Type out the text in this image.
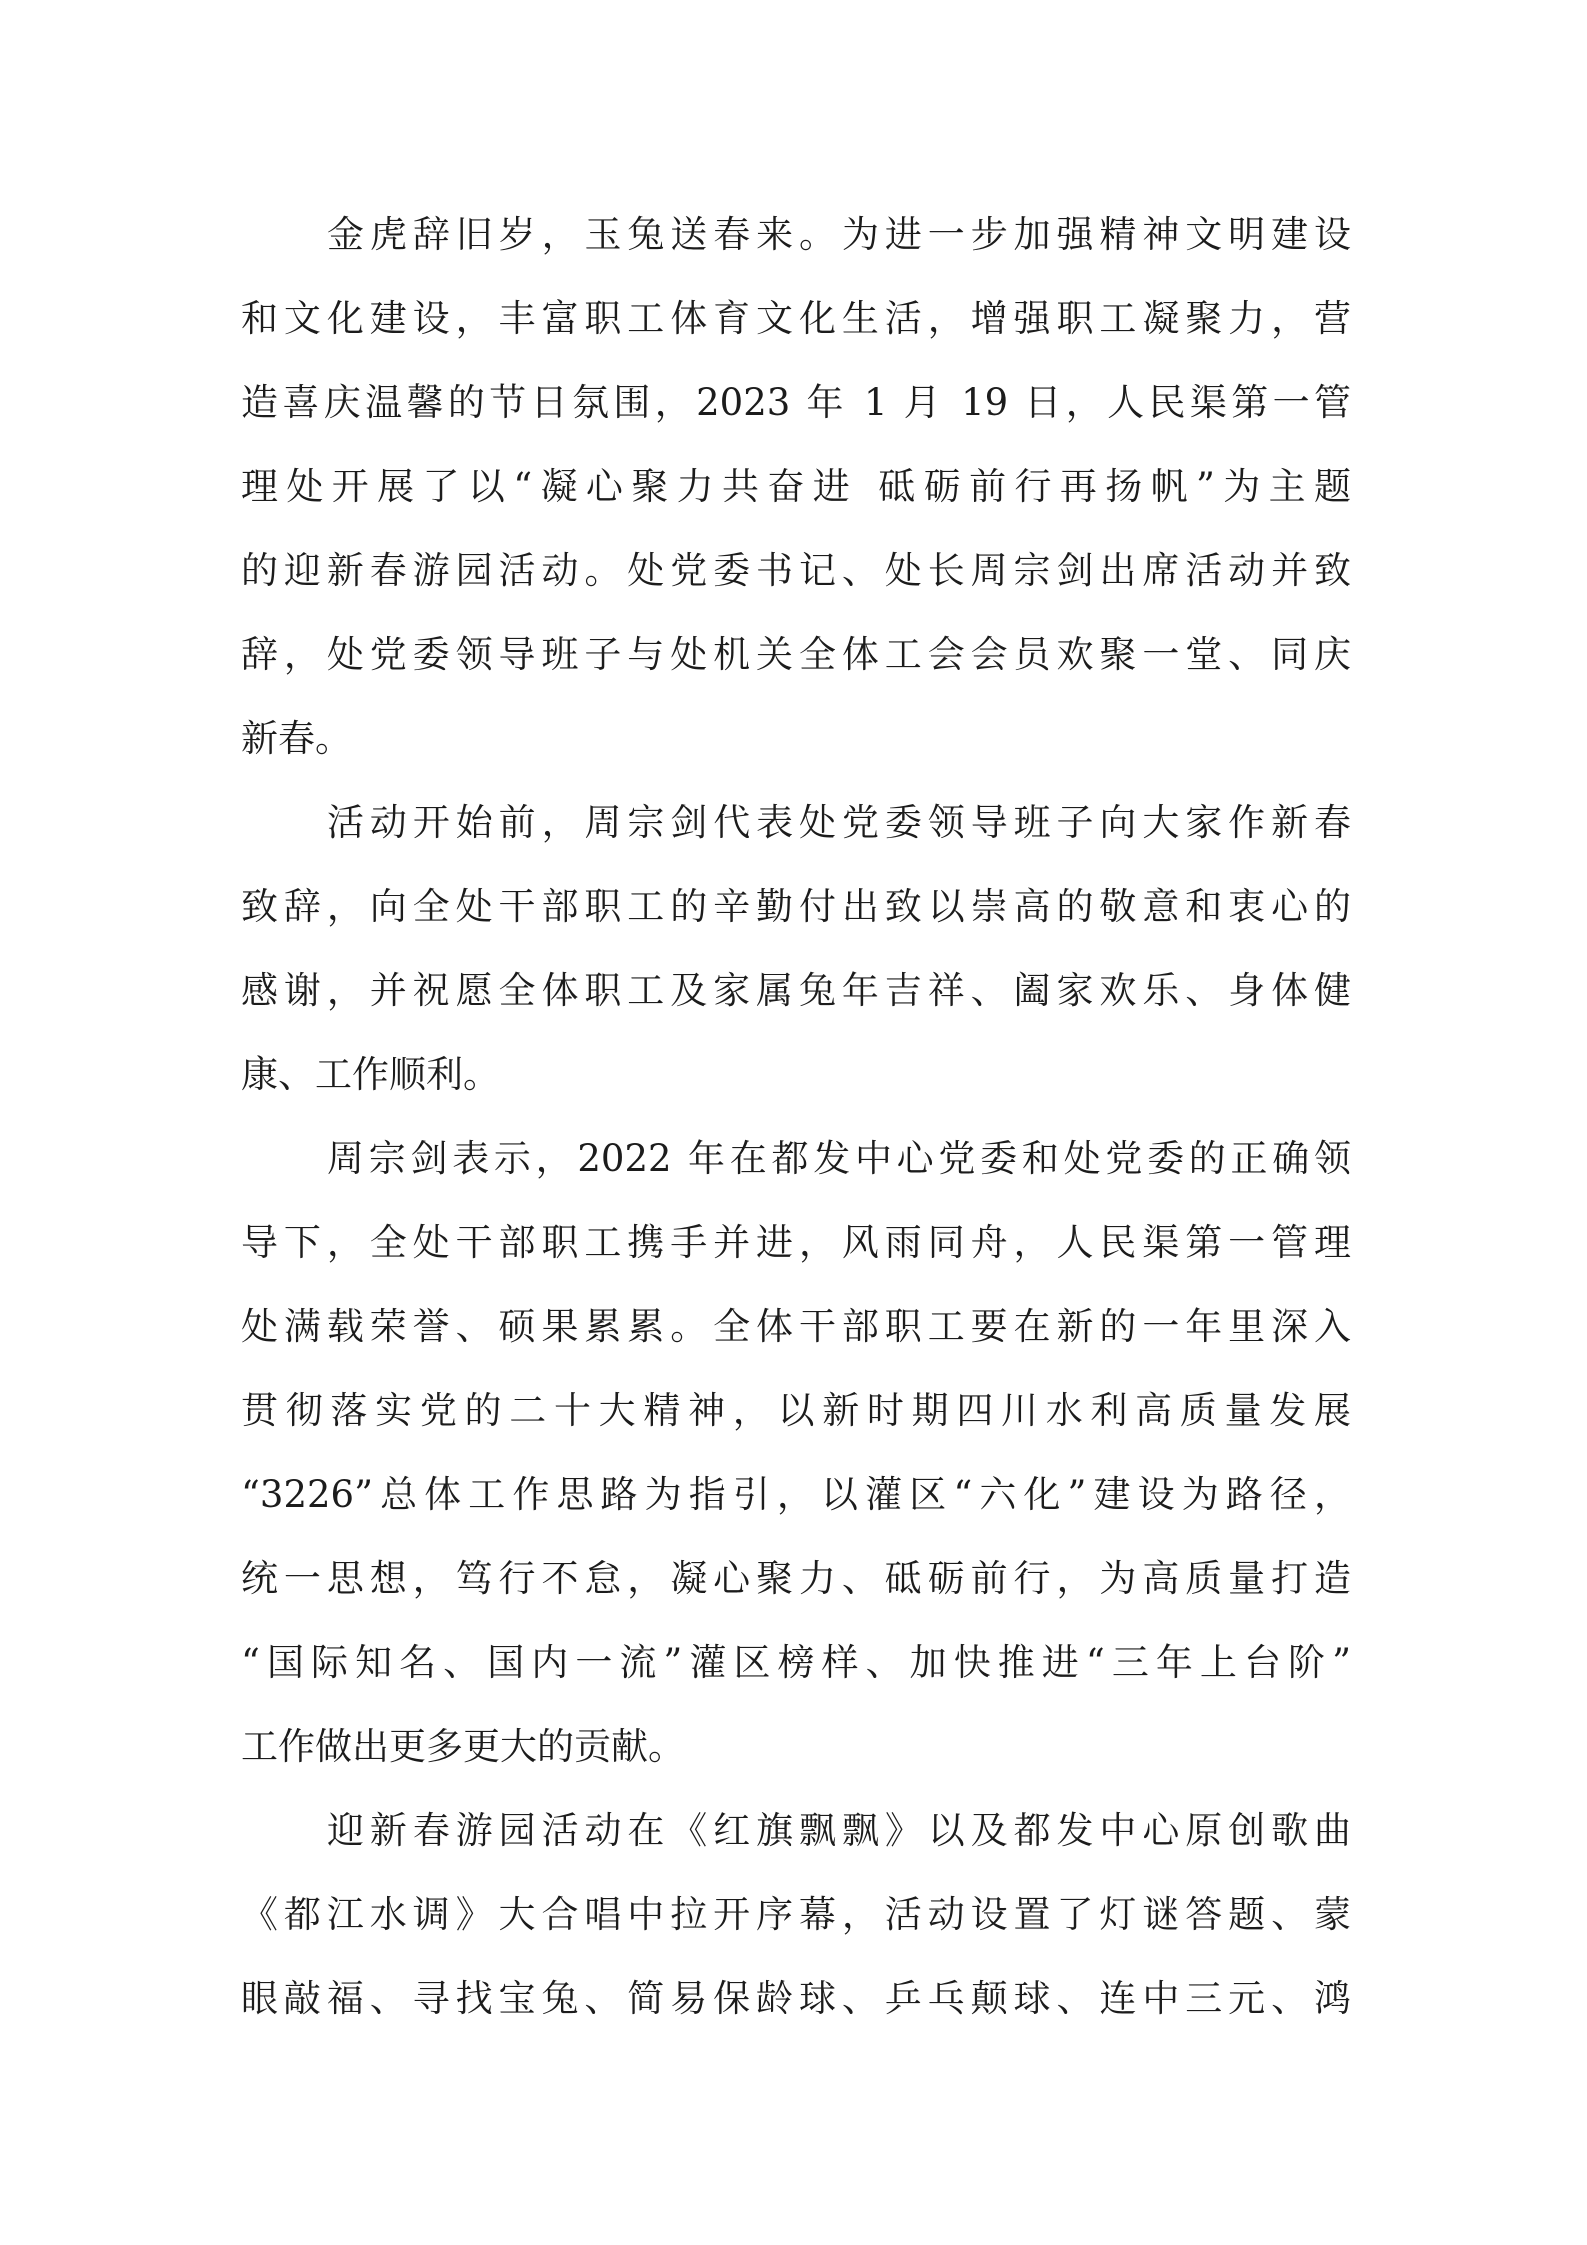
金虎辞旧岁，玉兔送春来。为进一步加强精神文明建设
和文化建设，丰富职工体育文化生活，增强职工凝聚力，营
造喜庆温馨的节日氛围，2023 年 1 月 19 日，人民渠第一管
理处开展了以“凝心聚力共奋进 砥砺前行再扬帆”为主题
的迎新春游园活动。处党委书记、处长周宗剑出席活动并致
辞，处党委领导班子与处机关全体工会会员欢聚一堂、同庆
新春。
活动开始前，周宗剑代表处党委领导班子向大家作新春
致辞，向全处干部职工的辛勤付出致以崇高的敬意和衷心的
感谢，并祝愿全体职工及家属兔年吉祥、阖家欢乐、身体健
康、工作顺利。
周宗剑表示，2022 年在都发中心党委和处党委的正确领
导下，全处干部职工携手并进，风雨同舟，人民渠第一管理
处满载荣誉、硕果累累。全体干部职工要在新的一年里深入
贯彻落实党的二十大精神，以新时期四川水利高质量发展
“3226”总体工作思路为指引，以灌区“六化”建设为路径，
统一思想，笃行不怠，凝心聚力、砥砺前行，为高质量打造
“国际知名、国内一流”灌区榜样、加快推进“三年上台阶”
工作做出更多更大的贡献。
迎新春游园活动在《红旗飘飘》以及都发中心原创歌曲
《都江水调》大合唱中拉开序幕，活动设置了灯谜答题、蒙
眼敲福、寻找宝兔、简易保龄球、乒乓颠球、连中三元、鸿
